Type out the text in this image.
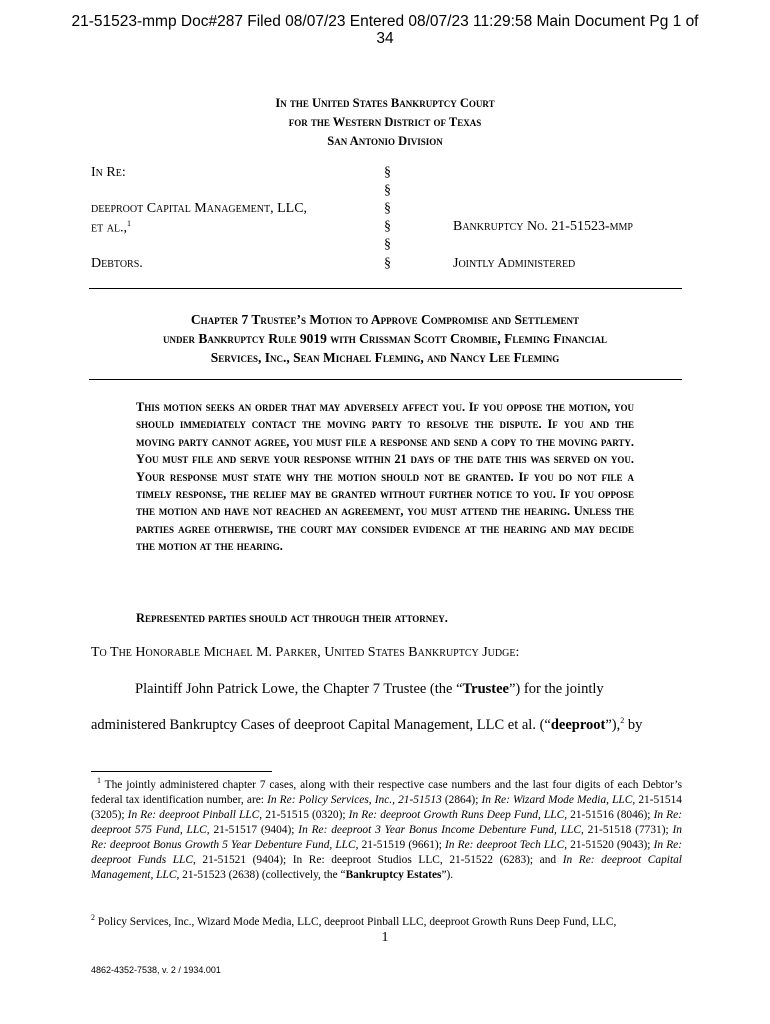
21-51523-mmp Doc#287 Filed 08/07/23 Entered 08/07/23 11:29:58 Main Document Pg 1 of
34
In the United States Bankruptcy Court
for the Western District of Texas
San Antonio Division
In Re:
deeproot Capital Management, LLC,
et al.,$^1$
Debtors.
§
§
§
§
§
§
Bankruptcy No. 21-51523-mmp
Jointly Administered
Chapter 7 Trustee’s Motion to Approve Compromise and Settlement
under Bankruptcy Rule 9019 with Crissman Scott Crombie, Fleming Financial
Services, Inc., Sean Michael Fleming, and Nancy Lee Fleming

This motion seeks an order that may adversely affect you. If you oppose the motion, you should immediately contact the moving party to resolve the dispute. If you and the moving party cannot agree, you must file a response and send a copy to the moving party. You must file and serve your response within 21 days of the date this was served on you. Your response must state why the motion should not be granted. If you do not file a timely response, the relief may be granted without further notice to you. If you oppose the motion and have not reached an agreement, you must attend the hearing. Unless the parties agree otherwise, the court may consider evidence at the hearing and may decide the motion at the hearing.

Represented parties should act through their attorney.
To The Honorable Michael M. Parker, United States Bankruptcy Judge:
Plaintiff John Patrick Lowe, the Chapter 7 Trustee (the “Trustee”) for the jointly
administered Bankruptcy Cases of deeproot Capital Management, LLC et al. (“deeproot”),$^2$ by
$^1$ The jointly administered chapter 7 cases, along with their respective case numbers and the last four digits of each Debtor’s federal tax identification number, are: In Re: Policy Services, Inc., 21-51513 (2864); In Re: Wizard Mode Media, LLC, 21-51514 (3205); In Re: deeproot Pinball LLC, 21-51515 (0320); In Re: deeproot Growth Runs Deep Fund, LLC, 21-51516 (8046); In Re: deeproot 575 Fund, LLC, 21-51517 (9404); In Re: deeproot 3 Year Bonus Income Debenture Fund, LLC, 21-51518 (7731); In Re: deeproot Bonus Growth 5 Year Debenture Fund, LLC, 21-51519 (9661); In Re: deeproot Tech LLC, 21-51520 (9043); In Re: deeproot Funds LLC, 21-51521 (9404); In Re: deeproot Studios LLC, 21-51522 (6283); and In Re: deeproot Capital Management, LLC, 21-51523 (2638) (collectively, the “Bankruptcy Estates”).
$^2$ Policy Services, Inc., Wizard Mode Media, LLC, deeproot Pinball LLC, deeproot Growth Runs Deep Fund, LLC,
1
4862-4352-7538, v. 2 / 1934.001
